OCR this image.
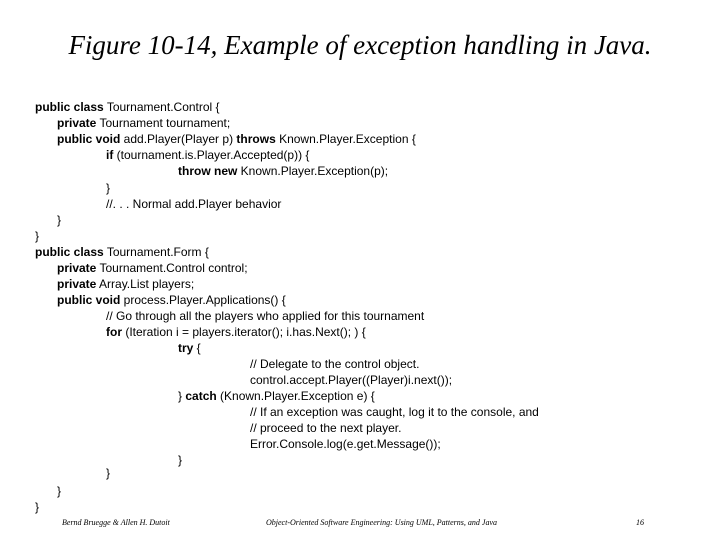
Figure 10-14, Example of exception handling in Java.
public class Tournament.Control {
private Tournament tournament;
public void add.Player(Player p) throws Known.Player.Exception {
if (tournament.is.Player.Accepted(p)) {
throw new Known.Player.Exception(p);
}
//. . . Normal add.Player behavior
}
}
public class Tournament.Form {
private Tournament.Control control;
private Array.List players;
public void process.Player.Applications() {
// Go through all the players who applied for this tournament
for (Iteration i = players.iterator(); i.has.Next(); ) {
try {
// Delegate to the control object.
control.accept.Player((Player)i.next());
} catch (Known.Player.Exception e) {
// If an exception was caught, log it to the console, and
// proceed to the next player.
Error.Console.log(e.get.Message());
}
}
}
}
Bernd Bruegge & Allen H. Dutoit	Object-Oriented Software Engineering: Using UML, Patterns, and Java	16
